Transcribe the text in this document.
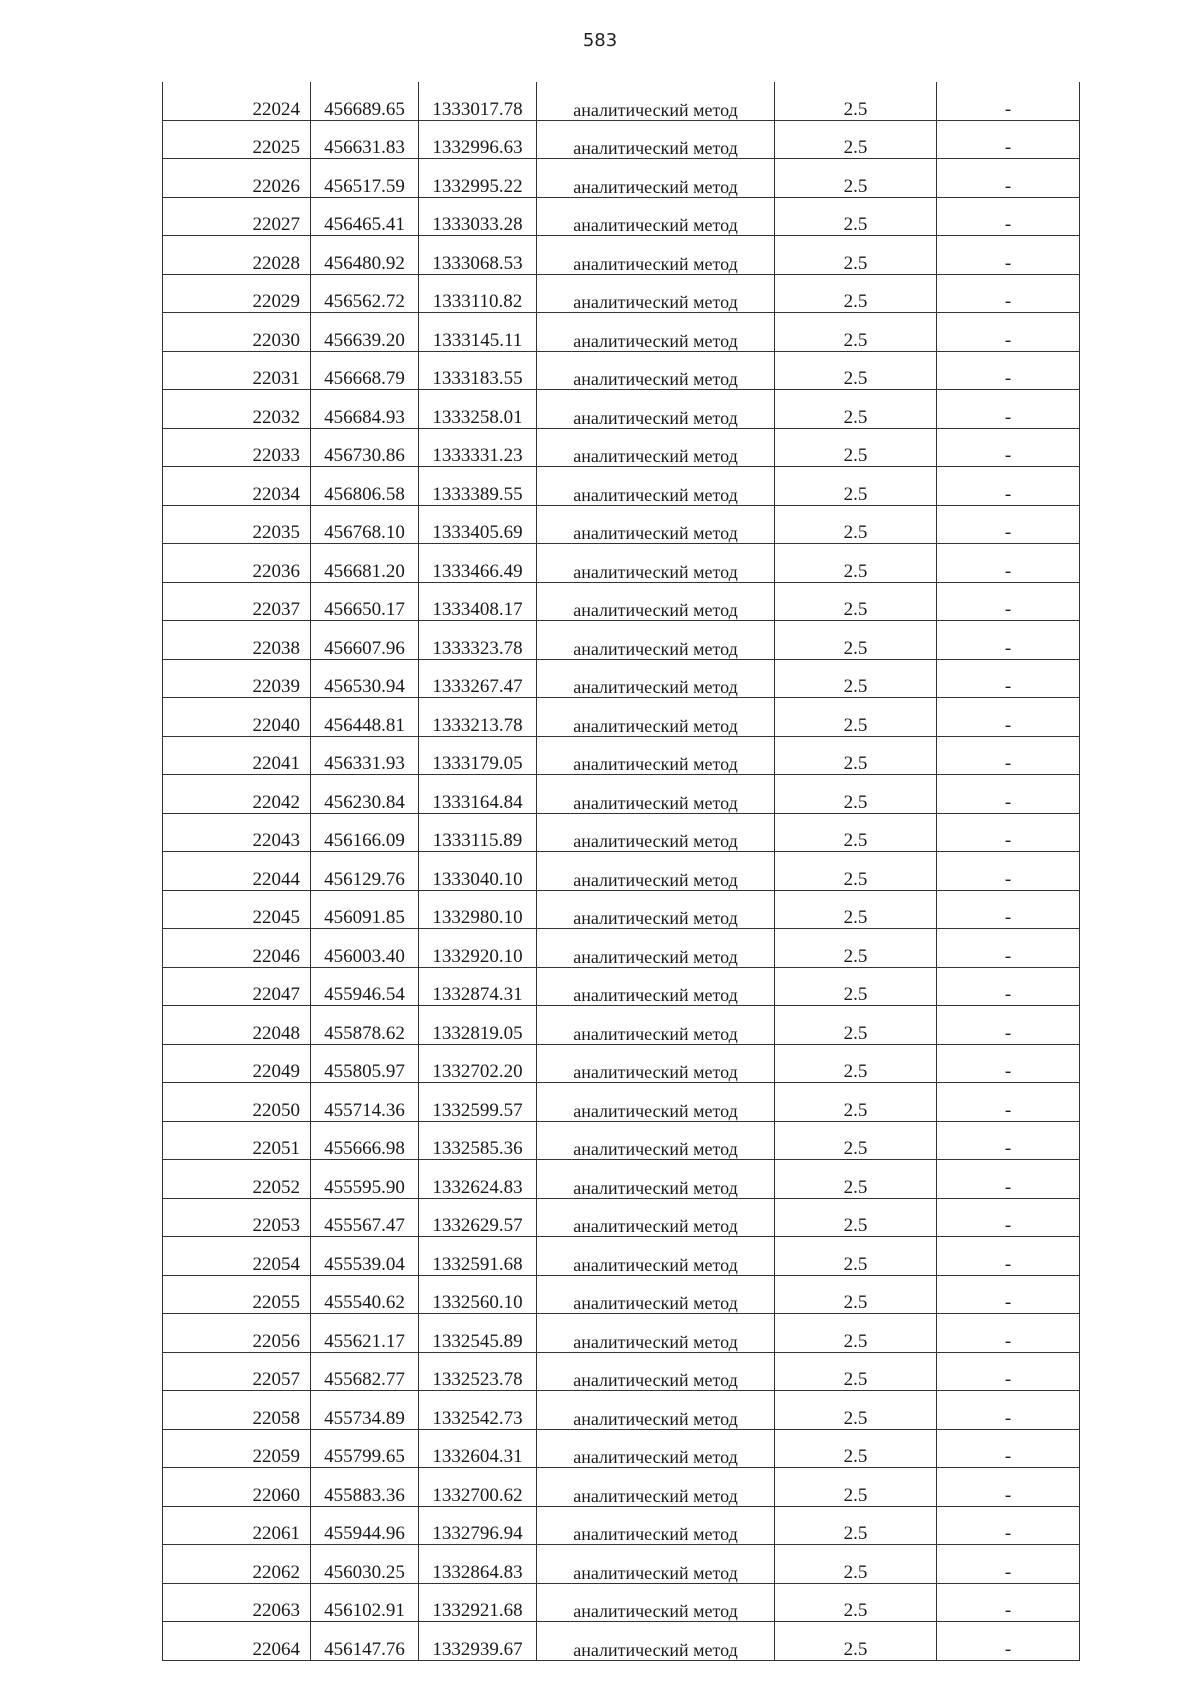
583
22024	456689.65	1333017.78	аналитический метод	2.5	-
22025	456631.83	1332996.63	аналитический метод	2.5	-
22026	456517.59	1332995.22	аналитический метод	2.5	-
22027	456465.41	1333033.28	аналитический метод	2.5	-
22028	456480.92	1333068.53	аналитический метод	2.5	-
22029	456562.72	1333110.82	аналитический метод	2.5	-
22030	456639.20	1333145.11	аналитический метод	2.5	-
22031	456668.79	1333183.55	аналитический метод	2.5	-
22032	456684.93	1333258.01	аналитический метод	2.5	-
22033	456730.86	1333331.23	аналитический метод	2.5	-
22034	456806.58	1333389.55	аналитический метод	2.5	-
22035	456768.10	1333405.69	аналитический метод	2.5	-
22036	456681.20	1333466.49	аналитический метод	2.5	-
22037	456650.17	1333408.17	аналитический метод	2.5	-
22038	456607.96	1333323.78	аналитический метод	2.5	-
22039	456530.94	1333267.47	аналитический метод	2.5	-
22040	456448.81	1333213.78	аналитический метод	2.5	-
22041	456331.93	1333179.05	аналитический метод	2.5	-
22042	456230.84	1333164.84	аналитический метод	2.5	-
22043	456166.09	1333115.89	аналитический метод	2.5	-
22044	456129.76	1333040.10	аналитический метод	2.5	-
22045	456091.85	1332980.10	аналитический метод	2.5	-
22046	456003.40	1332920.10	аналитический метод	2.5	-
22047	455946.54	1332874.31	аналитический метод	2.5	-
22048	455878.62	1332819.05	аналитический метод	2.5	-
22049	455805.97	1332702.20	аналитический метод	2.5	-
22050	455714.36	1332599.57	аналитический метод	2.5	-
22051	455666.98	1332585.36	аналитический метод	2.5	-
22052	455595.90	1332624.83	аналитический метод	2.5	-
22053	455567.47	1332629.57	аналитический метод	2.5	-
22054	455539.04	1332591.68	аналитический метод	2.5	-
22055	455540.62	1332560.10	аналитический метод	2.5	-
22056	455621.17	1332545.89	аналитический метод	2.5	-
22057	455682.77	1332523.78	аналитический метод	2.5	-
22058	455734.89	1332542.73	аналитический метод	2.5	-
22059	455799.65	1332604.31	аналитический метод	2.5	-
22060	455883.36	1332700.62	аналитический метод	2.5	-
22061	455944.96	1332796.94	аналитический метод	2.5	-
22062	456030.25	1332864.83	аналитический метод	2.5	-
22063	456102.91	1332921.68	аналитический метод	2.5	-
22064	456147.76	1332939.67	аналитический метод	2.5	-
